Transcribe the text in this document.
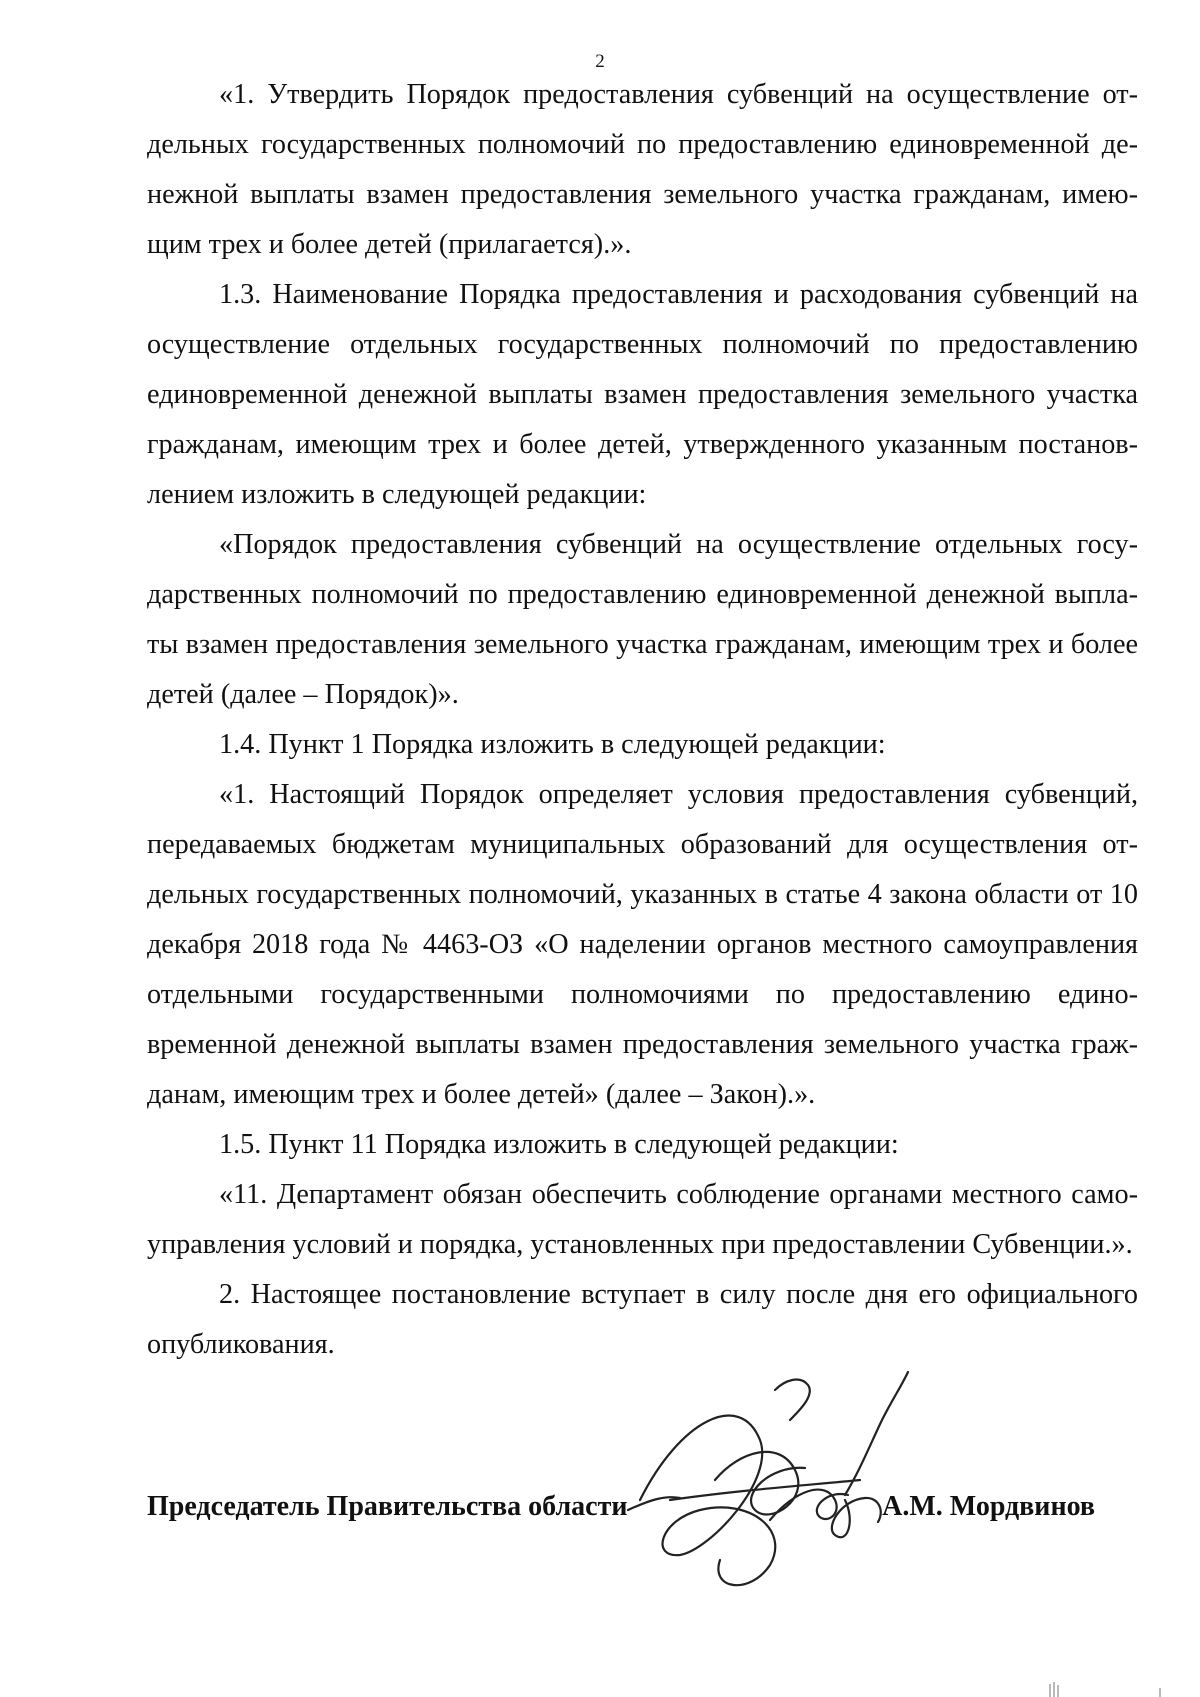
2

«1. Утвердить Порядок предоставления субвенций на осуществление отдельных государственных полномочий по предоставлению единовременной денежной выплаты взамен предоставления земельного участка гражданам, имеющим трех и более детей (прилагается).».

1.3. Наименование Порядка предоставления и расходования субвенций на осуществление отдельных государственных полномочий по предоставлению единовременной денежной выплаты взамен предоставления земельного участка гражданам, имеющим трех и более детей, утвержденного указанным постановлением изложить в следующей редакции:

«Порядок предоставления субвенций на осуществление отдельных государственных полномочий по предоставлению единовременной денежной выплаты взамен предоставления земельного участка гражданам, имеющим трех и более детей (далее – Порядок)».

1.4. Пункт 1 Порядка изложить в следующей редакции:

«1. Настоящий Порядок определяет условия предоставления субвенций, передаваемых бюджетам муниципальных образований для осуществления отдельных государственных полномочий, указанных в статье 4 закона области от 10 декабря 2018 года № 4463-ОЗ «О наделении органов местного самоуправления отдельными государственными полномочиями по предоставлению единовременной денежной выплаты взамен предоставления земельного участка гражданам, имеющим трех и более детей» (далее – Закон).».

1.5. Пункт 11 Порядка изложить в следующей редакции:

«11. Департамент обязан обеспечить соблюдение органами местного самоуправления условий и порядка, установленных при предоставлении Субвенции.».

2. Настоящее постановление вступает в силу после дня его официального опубликования.

Председатель Правительства области	А.М. Мордвинов
